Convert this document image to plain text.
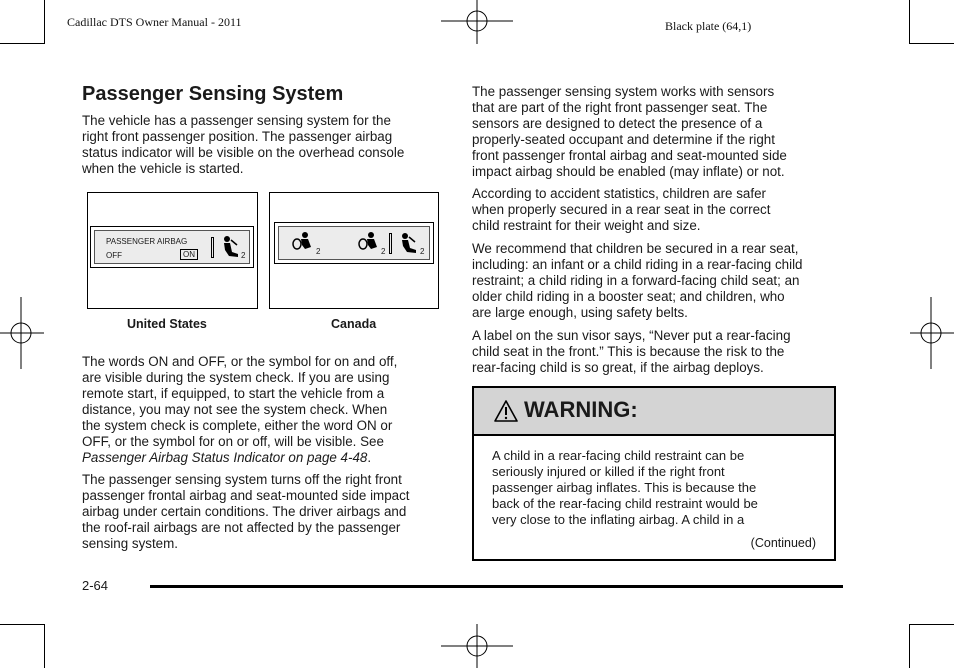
Cadillac DTS Owner Manual - 2011	Black plate (64,1)
Passenger Sensing System

The vehicle has a passenger sensing system for the

right front passenger position. The passenger airbag

status indicator will be visible on the overhead console

when the vehicle is started.

PASSENGER AIRBAG
OFF	ON	2
United States
2	2	2
Canada

The words ON and OFF, or the symbol for on and off,

are visible during the system check. If you are using

remote start, if equipped, to start the vehicle from a

distance, you may not see the system check. When

the system check is complete, either the word ON or

OFF, or the symbol for on or off, will be visible. See

Passenger Airbag Status Indicator on page 4-48.

The passenger sensing system turns off the right front

passenger frontal airbag and seat-mounted side impact

airbag under certain conditions. The driver airbags and

the roof-rail airbags are not affected by the passenger

sensing system.

The passenger sensing system works with sensors

that are part of the right front passenger seat. The

sensors are designed to detect the presence of a

properly-seated occupant and determine if the right

front passenger frontal airbag and seat-mounted side

impact airbag should be enabled (may inflate) or not.

According to accident statistics, children are safer

when properly secured in a rear seat in the correct

child restraint for their weight and size.

We recommend that children be secured in a rear seat,

including: an infant or a child riding in a rear-facing child

restraint; a child riding in a forward-facing child seat; an

older child riding in a booster seat; and children, who

are large enough, using safety belts.

A label on the sun visor says, “Never put a rear-facing

child seat in the front.” This is because the risk to the

rear-facing child is so great, if the airbag deploys.

WARNING:

A child in a rear-facing child restraint can be

seriously injured or killed if the right front

passenger airbag inflates. This is because the

back of the rear-facing child restraint would be

very close to the inflating airbag. A child in a

(Continued)
2-64
